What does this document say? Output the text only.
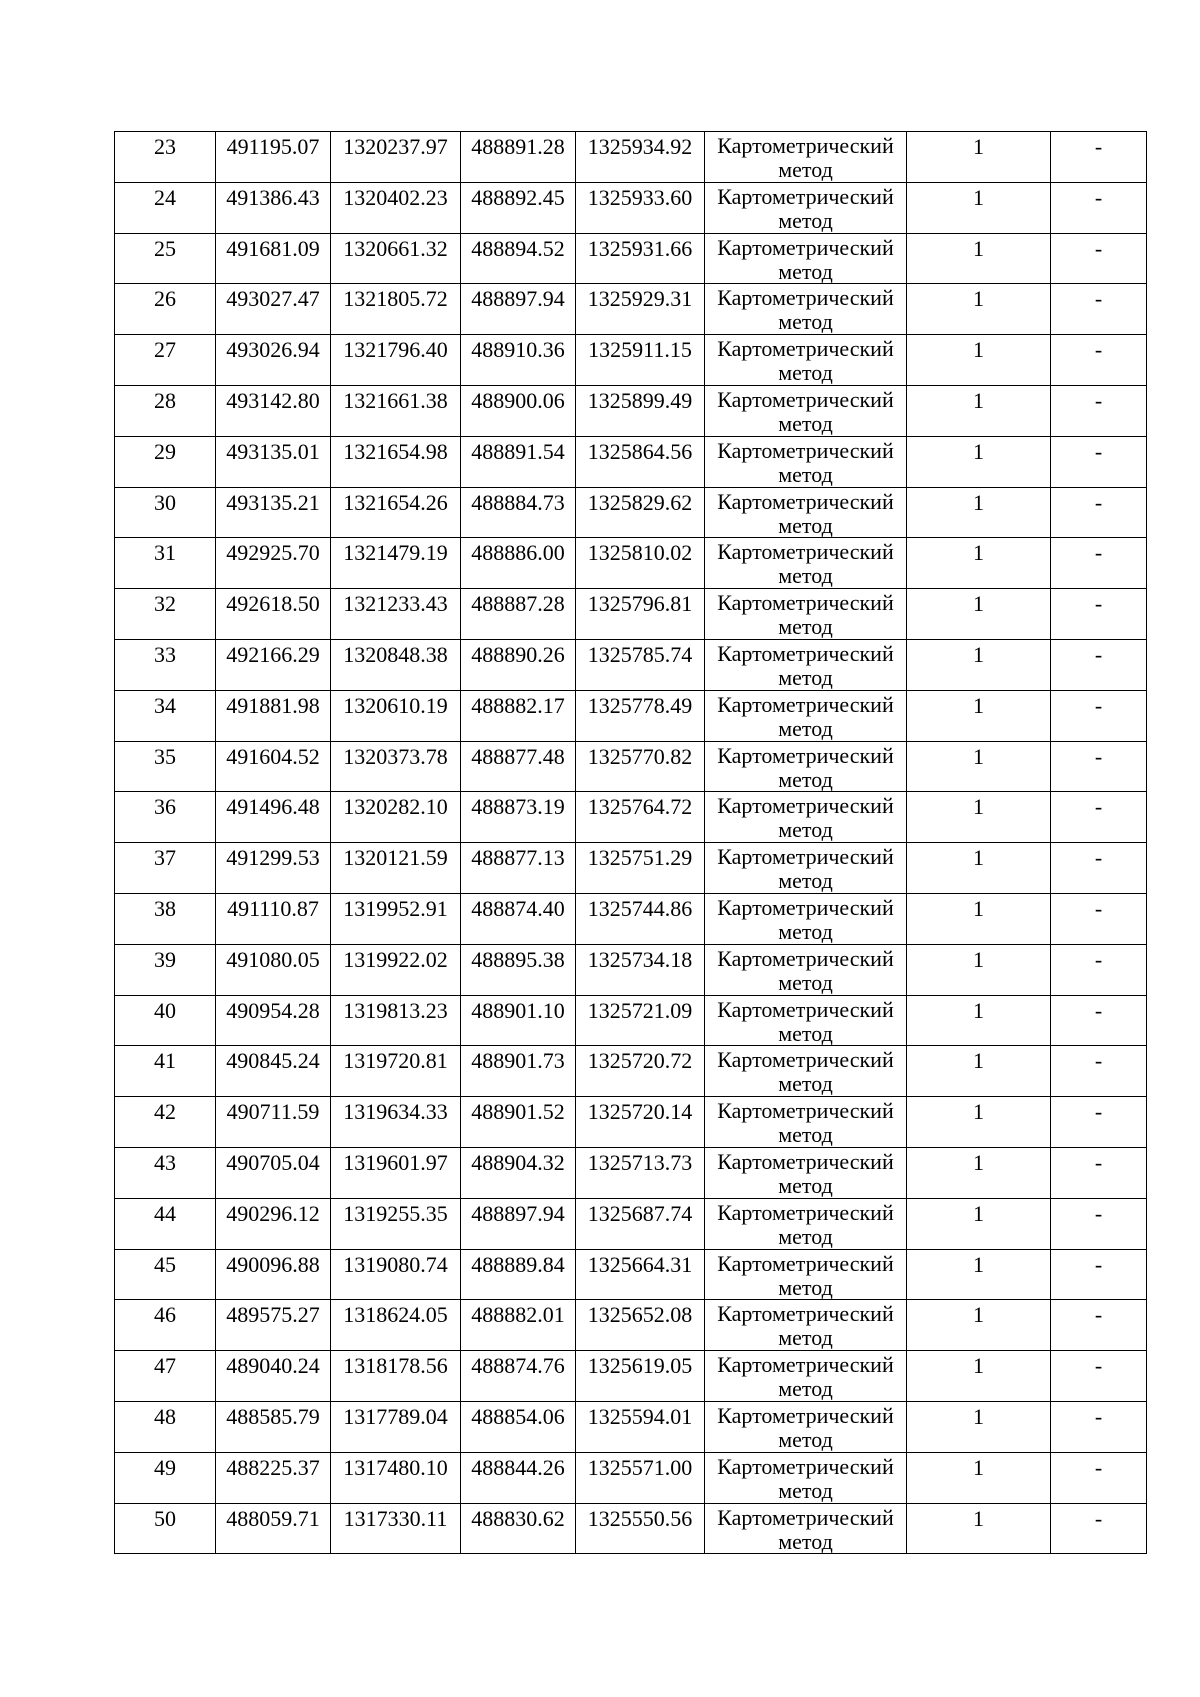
23	491195.07	1320237.97	488891.28	1325934.92	Картометрический метод	1	-

24	491386.43	1320402.23	488892.45	1325933.60	Картометрический метод	1	-

25	491681.09	1320661.32	488894.52	1325931.66	Картометрический метод	1	-

26	493027.47	1321805.72	488897.94	1325929.31	Картометрический метод	1	-

27	493026.94	1321796.40	488910.36	1325911.15	Картометрический метод	1	-

28	493142.80	1321661.38	488900.06	1325899.49	Картометрический метод	1	-

29	493135.01	1321654.98	488891.54	1325864.56	Картометрический метод	1	-

30	493135.21	1321654.26	488884.73	1325829.62	Картометрический метод	1	-

31	492925.70	1321479.19	488886.00	1325810.02	Картометрический метод	1	-

32	492618.50	1321233.43	488887.28	1325796.81	Картометрический метод	1	-

33	492166.29	1320848.38	488890.26	1325785.74	Картометрический метод	1	-

34	491881.98	1320610.19	488882.17	1325778.49	Картометрический метод	1	-

35	491604.52	1320373.78	488877.48	1325770.82	Картометрический метод	1	-

36	491496.48	1320282.10	488873.19	1325764.72	Картометрический метод	1	-

37	491299.53	1320121.59	488877.13	1325751.29	Картометрический метод	1	-

38	491110.87	1319952.91	488874.40	1325744.86	Картометрический метод	1	-

39	491080.05	1319922.02	488895.38	1325734.18	Картометрический метод	1	-

40	490954.28	1319813.23	488901.10	1325721.09	Картометрический метод	1	-

41	490845.24	1319720.81	488901.73	1325720.72	Картометрический метод	1	-

42	490711.59	1319634.33	488901.52	1325720.14	Картометрический метод	1	-

43	490705.04	1319601.97	488904.32	1325713.73	Картометрический метод	1	-

44	490296.12	1319255.35	488897.94	1325687.74	Картометрический метод	1	-

45	490096.88	1319080.74	488889.84	1325664.31	Картометрический метод	1	-

46	489575.27	1318624.05	488882.01	1325652.08	Картометрический метод	1	-

47	489040.24	1318178.56	488874.76	1325619.05	Картометрический метод	1	-

48	488585.79	1317789.04	488854.06	1325594.01	Картометрический метод	1	-

49	488225.37	1317480.10	488844.26	1325571.00	Картометрический метод	1	-

50	488059.71	1317330.11	488830.62	1325550.56	Картометрический метод	1	-
